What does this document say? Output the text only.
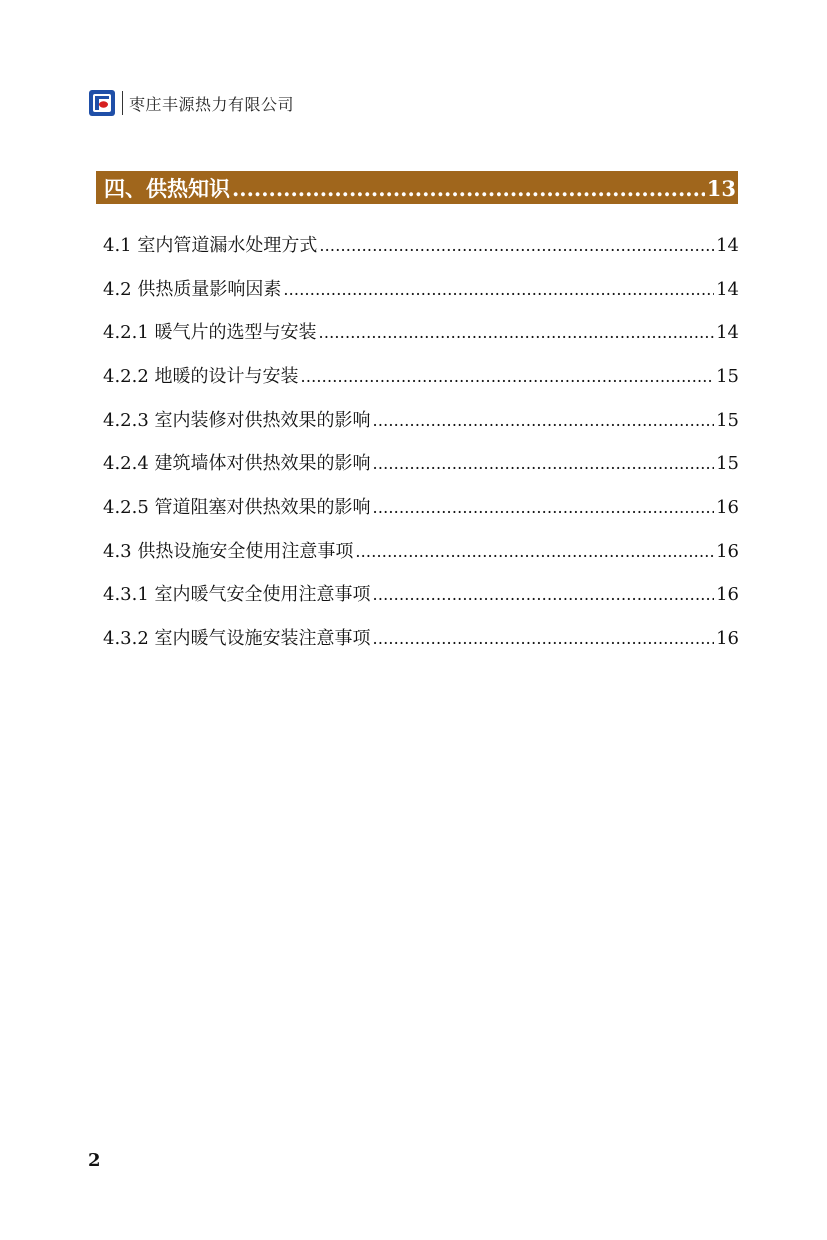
枣庄丰源热力有限公司
四、供热知识 .....	13
4.1 室内管道漏水处理方式 .....	14
4.2 供热质量影响因素 .....	14
4.2.1 暖气片的选型与安装 .....	14
4.2.2 地暖的设计与安装 .....	15
4.2.3 室内装修对供热效果的影响 .....	15
4.2.4 建筑墙体对供热效果的影响 .....	15
4.2.5 管道阻塞对供热效果的影响 .....	16
4.3 供热设施安全使用注意事项 .....	16
4.3.1 室内暖气安全使用注意事项 .....	16
4.3.2 室内暖气设施安装注意事项 .....	16
2
